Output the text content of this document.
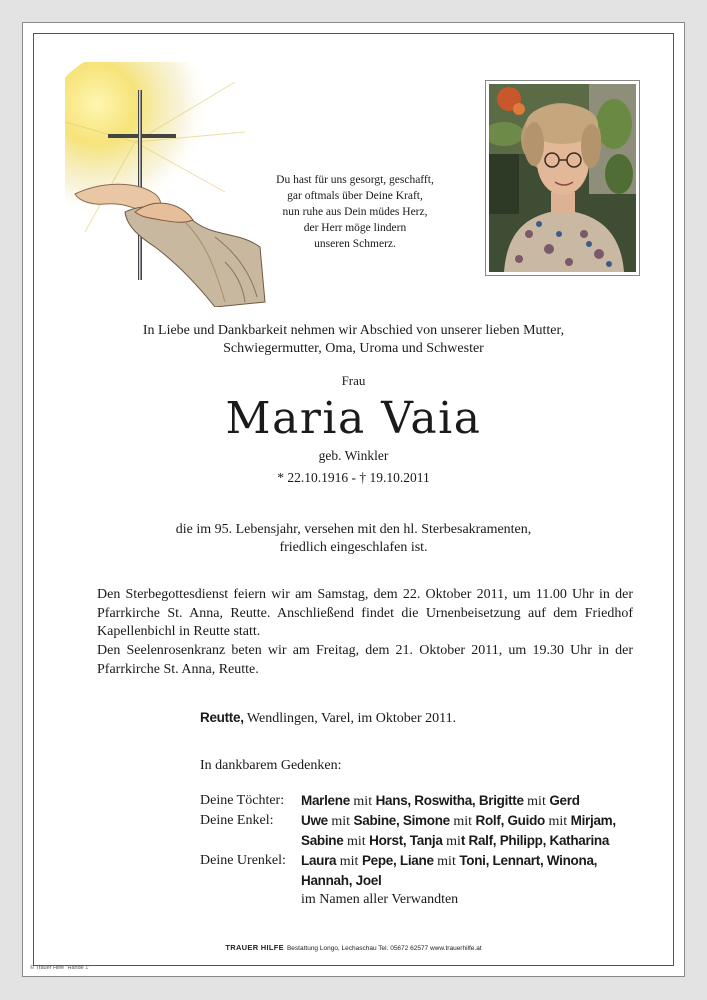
Du hast für uns gesorgt, geschafft,
gar oftmals über Deine Kraft,
nun ruhe aus Dein müdes Herz,
der Herr möge lindern
unseren Schmerz.
In Liebe und Dankbarkeit nehmen wir Abschied von unserer lieben Mutter,
Schwiegermutter, Oma, Uroma und Schwester
Frau
Maria Vaia
geb. Winkler
* 22.10.1916 - † 19.10.2011
die im 95. Lebensjahr, versehen mit den hl. Sterbesakramenten,
friedlich eingeschlafen ist.
Den Sterbegottesdienst feiern wir am Samstag, dem 22. Oktober 2011, um 11.00 Uhr in der Pfarrkirche St. Anna, Reutte. Anschließend findet die Urnenbeisetzung auf dem Friedhof Kapellenbichl in Reutte statt.
Den Seelenrosenkranz beten wir am Freitag, dem 21. Oktober 2011, um 19.30 Uhr in der Pfarrkirche St. Anna, Reutte.
Reutte, Wendlingen, Varel, im Oktober 2011.
In dankbarem Gedenken:
Deine Töchter:	Marlene mit Hans, Roswitha, Brigitte mit Gerd
Deine Enkel:	Uwe mit Sabine, Simone mit Rolf, Guido mit Mirjam,
Sabine mit Horst, Tanja mit Ralf, Philipp, Katharina
Deine Urenkel:	Laura mit Pepe, Liane mit Toni, Lennart, Winona,
Hannah, Joel
im Namen aller Verwandten
TRAUER HILFE Bestattung Longo, Lechaschau Tel. 05672 62577 www.trauerhilfe.at
© Trauer Hilfe "Hände 1"
